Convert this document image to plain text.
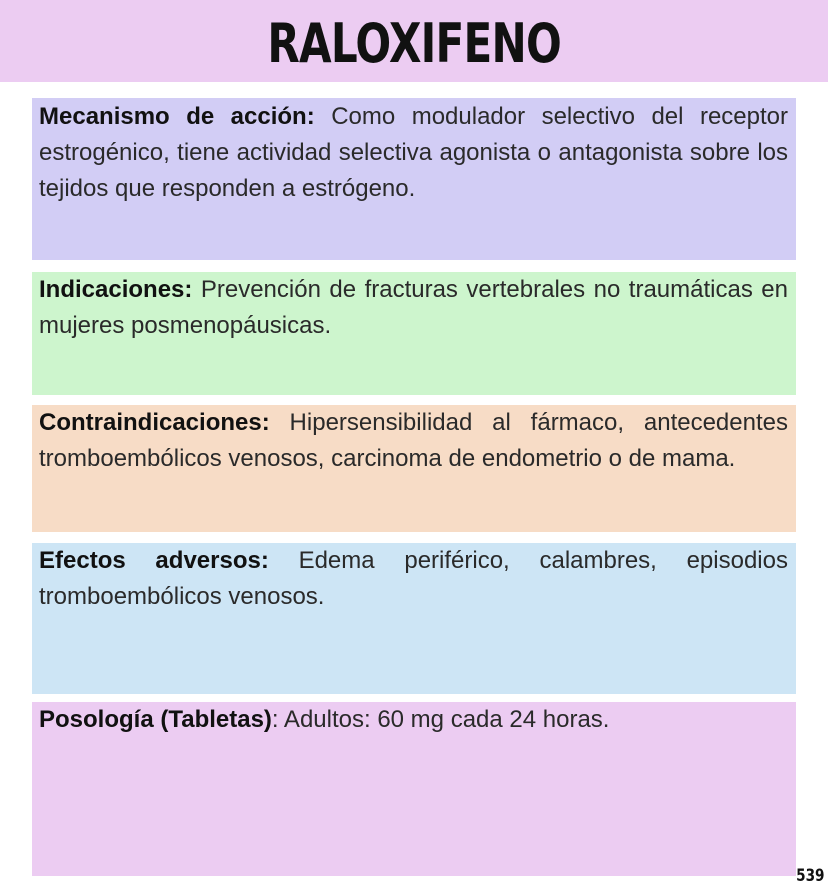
RALOXIFENO

Mecanismo de acción: Como modulador selectivo del receptor estrogénico, tiene actividad selectiva agonista o antagonista sobre los tejidos que responden a estrógeno.

Indicaciones: Prevención de fracturas vertebrales no traumáticas en mujeres posmenopáusicas.

Contraindicaciones: Hipersensibilidad al fármaco, antecedentes tromboembólicos venosos, carcinoma de endometrio o de mama.

Efectos adversos: Edema periférico, calambres, episodios tromboembólicos venosos.

Posología (Tabletas): Adultos: 60 mg cada 24 horas.

539
